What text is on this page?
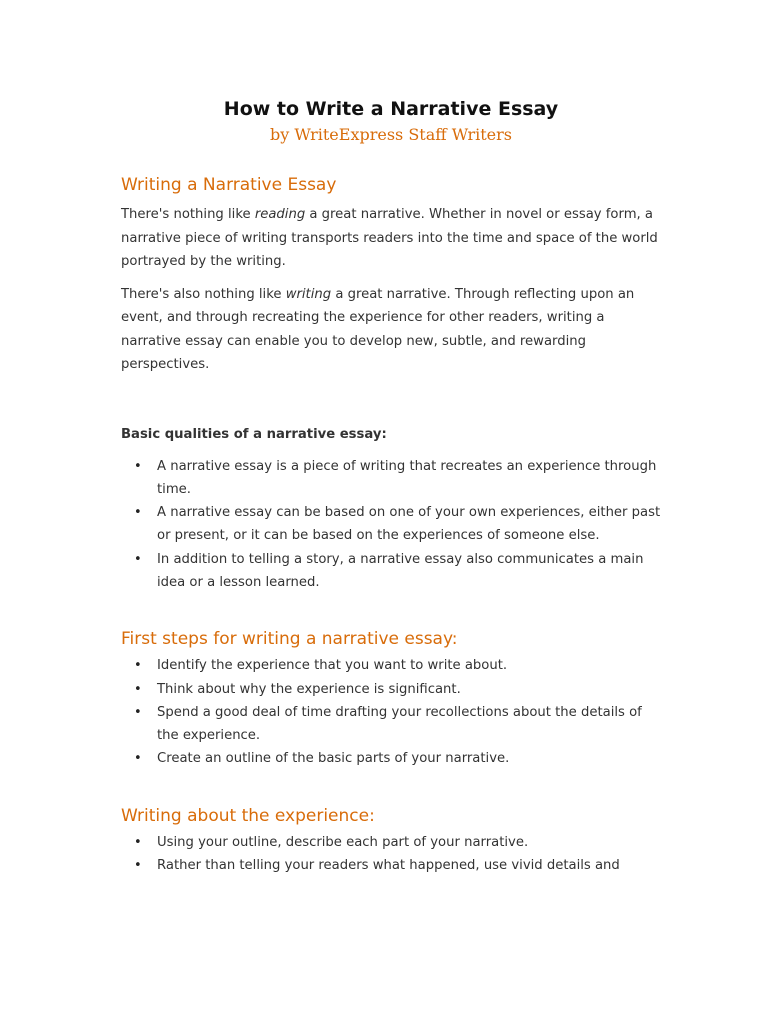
How to Write a Narrative Essay
by WriteExpress Staff Writers
Writing a Narrative Essay

There's nothing like reading a great narrative. Whether in novel or essay form, a narrative piece of writing transports readers into the time and space of the world portrayed by the writing.

There's also nothing like writing a great narrative. Through reflecting upon an event, and through recreating the experience for other readers, writing a narrative essay can enable you to develop new, subtle, and rewarding perspectives.

Basic qualities of a narrative essay:
• A narrative essay is a piece of writing that recreates an experience through time.
• A narrative essay can be based on one of your own experiences, either past or present, or it can be based on the experiences of someone else.
• In addition to telling a story, a narrative essay also communicates a main idea or a lesson learned.
First steps for writing a narrative essay:
• Identify the experience that you want to write about.
• Think about why the experience is significant.
• Spend a good deal of time drafting your recollections about the details of the experience.
• Create an outline of the basic parts of your narrative.
Writing about the experience:
• Using your outline, describe each part of your narrative.
• Rather than telling your readers what happened, use vivid details and
